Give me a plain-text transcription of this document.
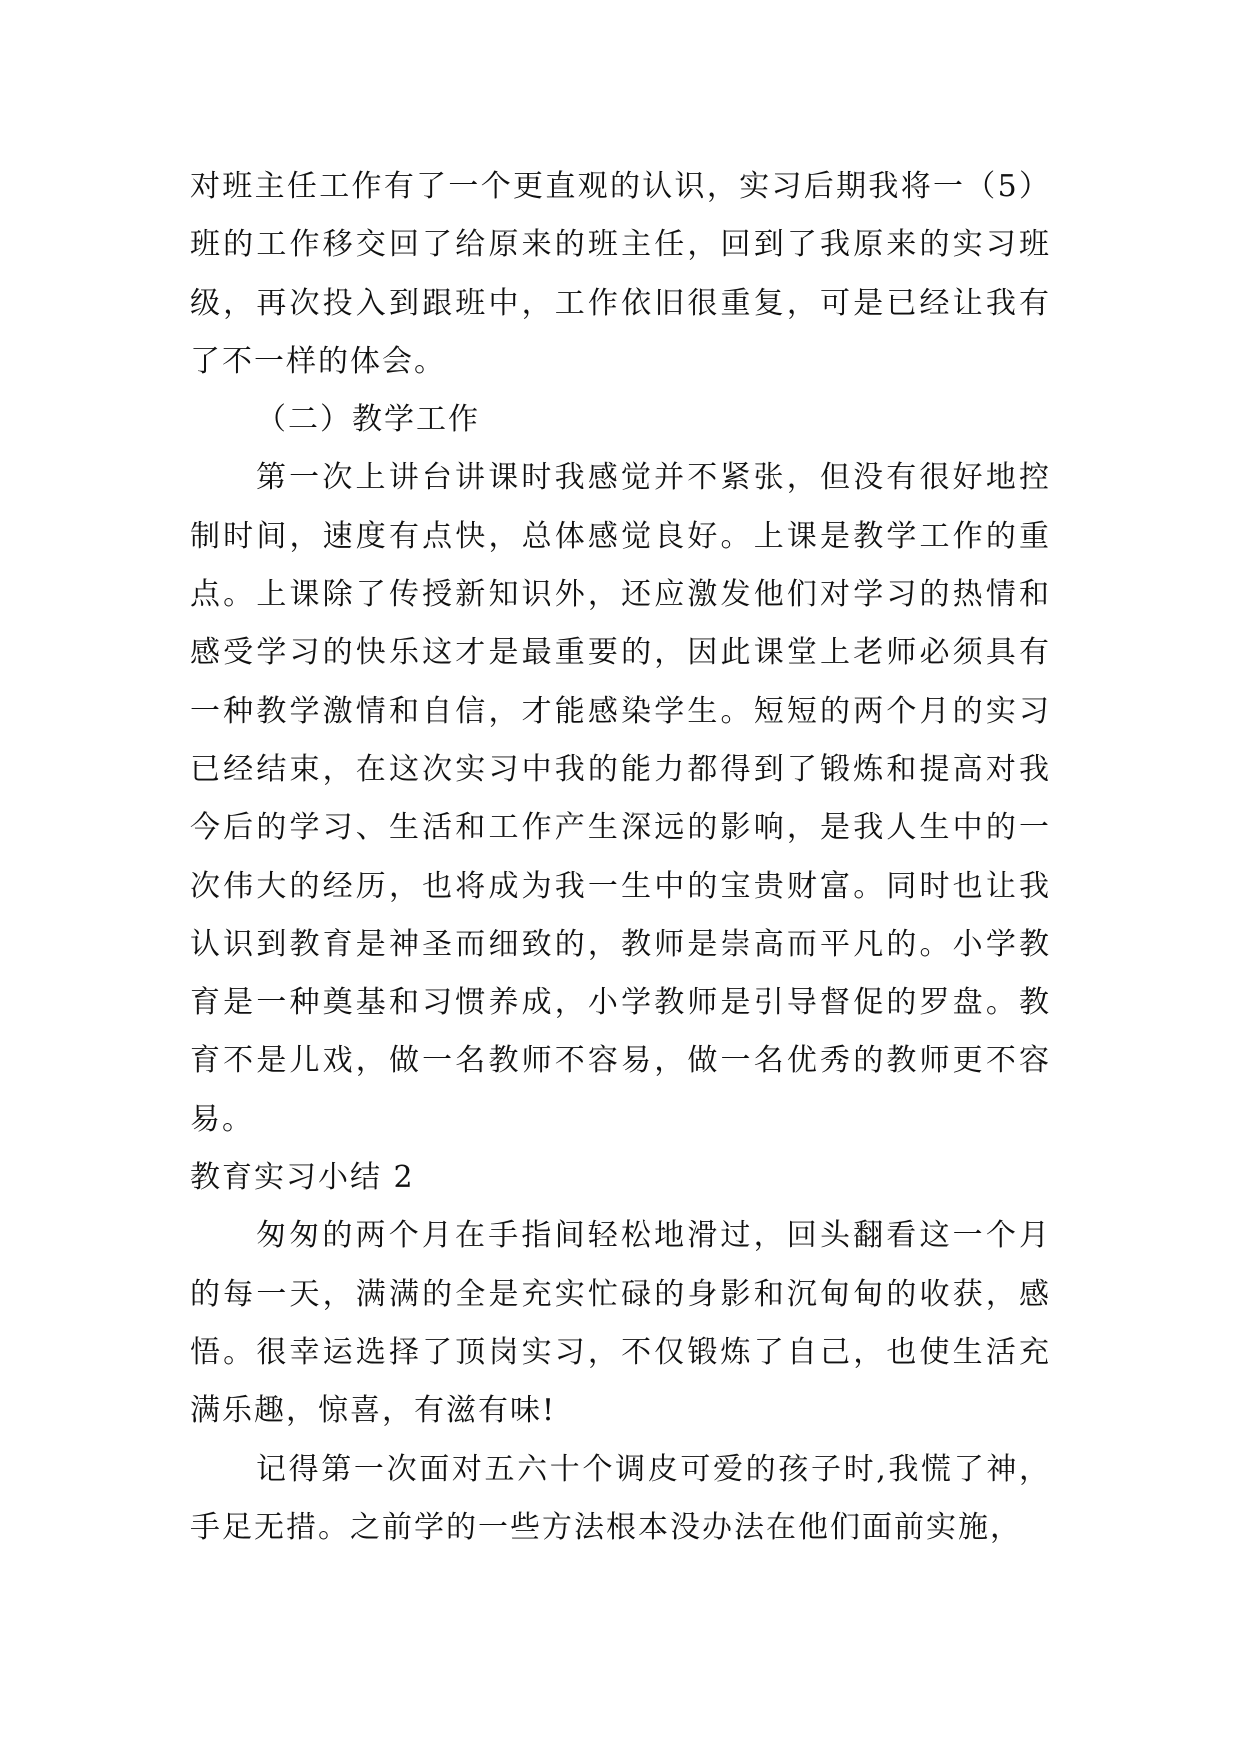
对班主任工作有了一个更直观的认识，实习后期我将一（5）班的工作移交回了给原来的班主任，回到了我原来的实习班级，再次投入到跟班中，工作依旧很重复，可是已经让我有了不一样的体会。

（二）教学工作

第一次上讲台讲课时我感觉并不紧张，但没有很好地控制时间，速度有点快，总体感觉良好。上课是教学工作的重点。上课除了传授新知识外，还应激发他们对学习的热情和感受学习的快乐这才是最重要的，因此课堂上老师必须具有一种教学激情和自信，才能感染学生。短短的两个月的实习已经结束，在这次实习中我的能力都得到了锻炼和提高对我今后的学习、生活和工作产生深远的影响，是我人生中的一次伟大的经历，也将成为我一生中的宝贵财富。同时也让我认识到教育是神圣而细致的，教师是崇高而平凡的。小学教育是一种奠基和习惯养成，小学教师是引导督促的罗盘。教育不是儿戏，做一名教师不容易，做一名优秀的教师更不容易。

教育实习小结 2

匆匆的两个月在手指间轻松地滑过，回头翻看这一个月的每一天，满满的全是充实忙碌的身影和沉甸甸的收获，感悟。很幸运选择了顶岗实习，不仅锻炼了自己，也使生活充满乐趣，惊喜，有滋有味!

记得第一次面对五六十个调皮可爱的孩子时,我慌了神，手足无措。之前学的一些方法根本没办法在他们面前实施，
